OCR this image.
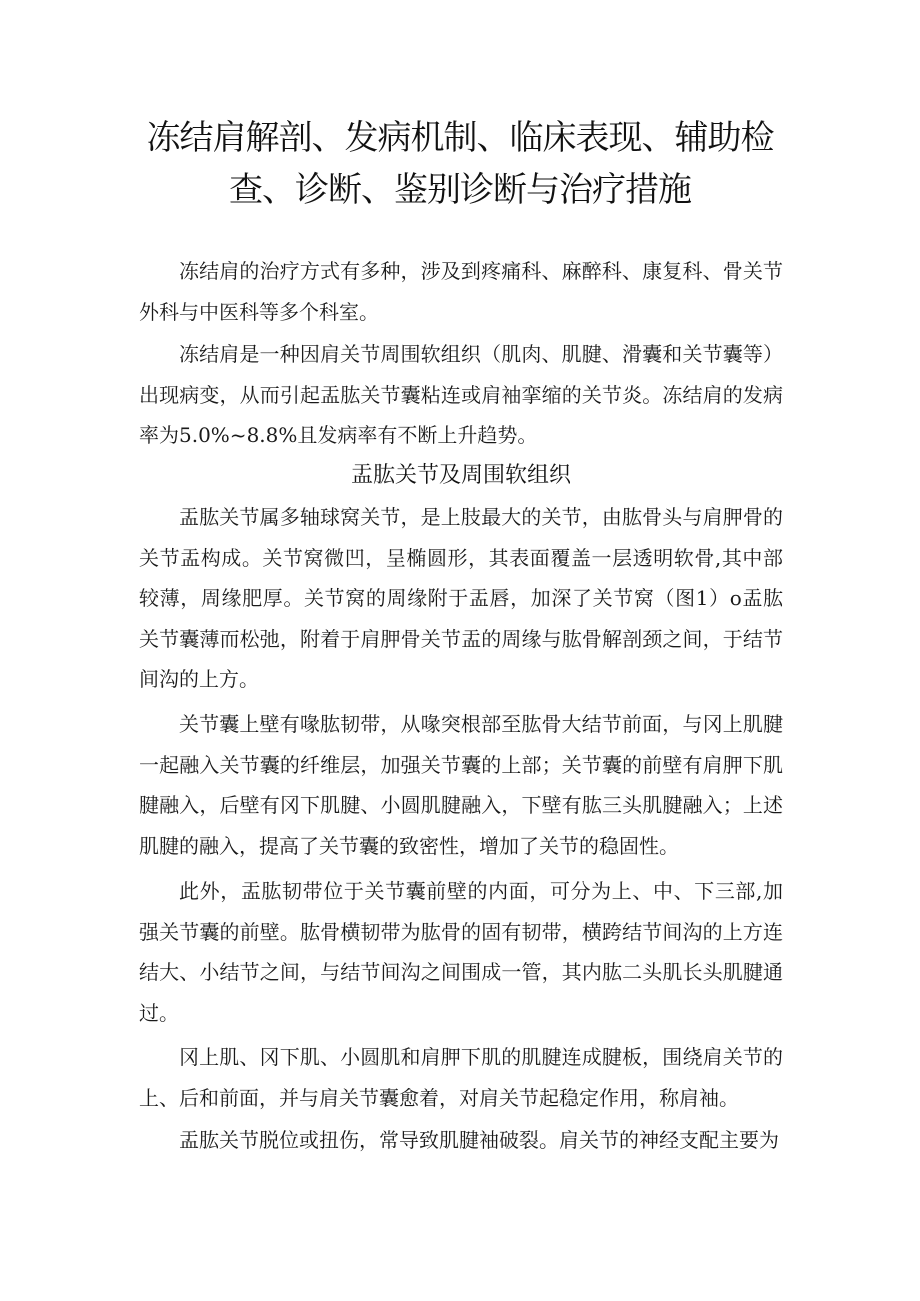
冻结肩解剖、发病机制、临床表现、辅助检
查、诊断、鉴别诊断与治疗措施

冻结肩的治疗方式有多种，涉及到疼痛科、麻醉科、康复科、骨关节外科与中医科等多个科室。

冻结肩是一种因肩关节周围软组织（肌肉、肌腱、滑囊和关节囊等）出现病变，从而引起盂肱关节囊粘连或肩袖挛缩的关节炎。冻结肩的发病率为5.0%~8.8%且发病率有不断上升趋势。

盂肱关节及周围软组织

盂肱关节属多轴球窝关节，是上肢最大的关节，由肱骨头与肩胛骨的关节盂构成。关节窝微凹，呈椭圆形，其表面覆盖一层透明软骨,其中部较薄，周缘肥厚。关节窝的周缘附于盂唇，加深了关节窝（图1）o盂肱关节囊薄而松弛，附着于肩胛骨关节盂的周缘与肱骨解剖颈之间，于结节间沟的上方。

关节囊上壁有喙肱韧带，从喙突根部至肱骨大结节前面，与冈上肌腱一起融入关节囊的纤维层，加强关节囊的上部；关节囊的前壁有肩胛下肌腱融入，后壁有冈下肌腱、小圆肌腱融入，下壁有肱三头肌腱融入；上述肌腱的融入，提高了关节囊的致密性，增加了关节的稳固性。

此外，盂肱韧带位于关节囊前壁的内面，可分为上、中、下三部,加强关节囊的前壁。肱骨横韧带为肱骨的固有韧带，横跨结节间沟的上方连结大、小结节之间，与结节间沟之间围成一管，其内肱二头肌长头肌腱通过。

冈上肌、冈下肌、小圆肌和肩胛下肌的肌腱连成腱板，围绕肩关节的上、后和前面，并与肩关节囊愈着，对肩关节起稳定作用，称肩袖。

盂肱关节脱位或扭伤，常导致肌腱袖破裂。肩关节的神经支配主要为
